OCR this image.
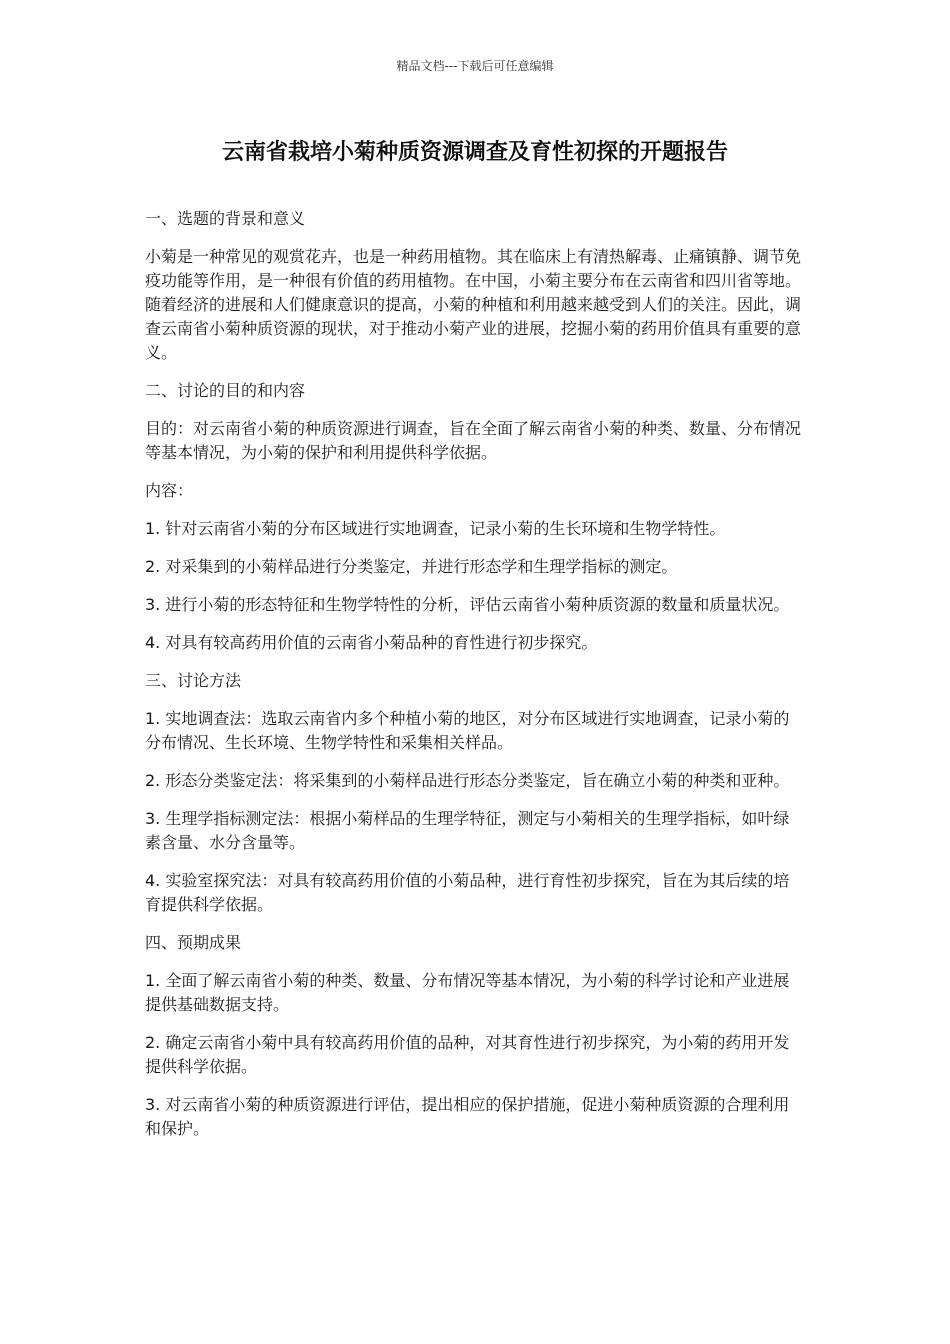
精品文档---下载后可任意编辑
云南省栽培小菊种质资源调查及育性初探的开题报告

一、选题的背景和意义

小菊是一种常见的观赏花卉，也是一种药用植物。其在临床上有清热解毒、止痛镇静、调节免疫功能等作用，是一种很有价值的药用植物。在中国，小菊主要分布在云南省和四川省等地。随着经济的进展和人们健康意识的提高，小菊的种植和利用越来越受到人们的关注。因此，调查云南省小菊种质资源的现状，对于推动小菊产业的进展，挖掘小菊的药用价值具有重要的意义。

二、讨论的目的和内容

目的：对云南省小菊的种质资源进行调查，旨在全面了解云南省小菊的种类、数量、分布情况等基本情况，为小菊的保护和利用提供科学依据。

内容：

1. 针对云南省小菊的分布区域进行实地调查，记录小菊的生长环境和生物学特性。

2. 对采集到的小菊样品进行分类鉴定，并进行形态学和生理学指标的测定。

3. 进行小菊的形态特征和生物学特性的分析，评估云南省小菊种质资源的数量和质量状况。

4. 对具有较高药用价值的云南省小菊品种的育性进行初步探究。

三、讨论方法

1. 实地调查法：选取云南省内多个种植小菊的地区，对分布区域进行实地调查，记录小菊的分布情况、生长环境、生物学特性和采集相关样品。

2. 形态分类鉴定法：将采集到的小菊样品进行形态分类鉴定，旨在确立小菊的种类和亚种。

3. 生理学指标测定法：根据小菊样品的生理学特征，测定与小菊相关的生理学指标，如叶绿素含量、水分含量等。

4. 实验室探究法：对具有较高药用价值的小菊品种，进行育性初步探究，旨在为其后续的培育提供科学依据。

四、预期成果

1. 全面了解云南省小菊的种类、数量、分布情况等基本情况，为小菊的科学讨论和产业进展提供基础数据支持。

2. 确定云南省小菊中具有较高药用价值的品种，对其育性进行初步探究，为小菊的药用开发提供科学依据。

3. 对云南省小菊的种质资源进行评估，提出相应的保护措施，促进小菊种质资源的合理利用和保护。
